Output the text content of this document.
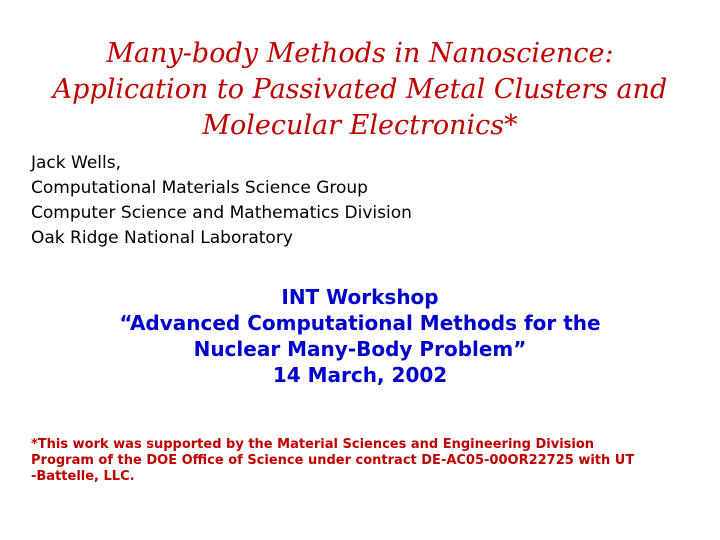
Many-body Methods in Nanoscience:
Application to Passivated Metal Clusters and
Molecular Electronics*
Jack Wells,
Computational Materials Science Group
Computer Science and Mathematics Division
Oak Ridge National Laboratory
INT Workshop
“Advanced Computational Methods for the
Nuclear Many-Body Problem”
14 March, 2002
*This work was supported by the Material Sciences and Engineering Division
Program of the DOE Office of Science under contract DE-AC05-00OR22725 with UT
-Battelle, LLC.
